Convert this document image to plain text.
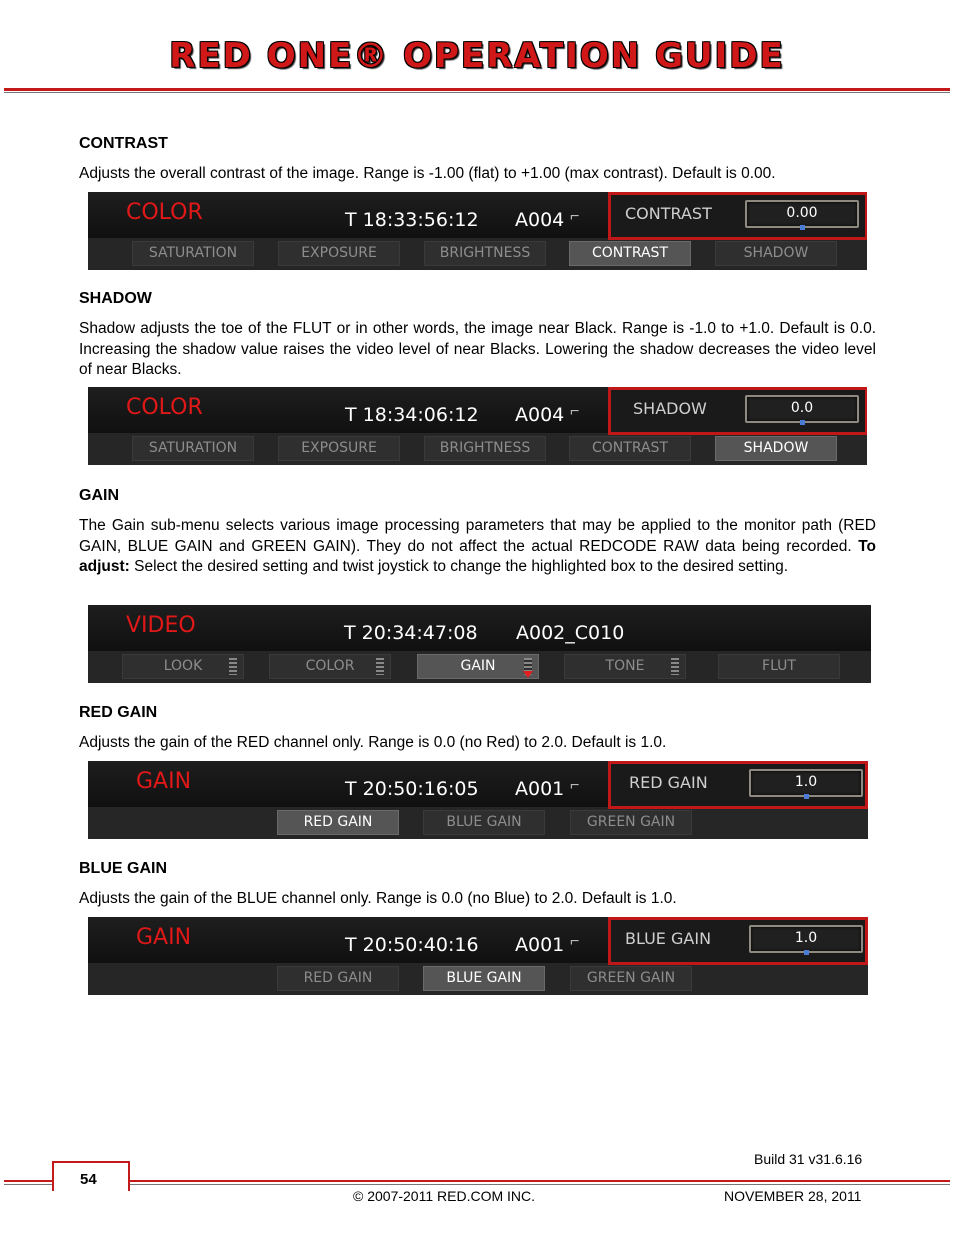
RED ONE® OPERATION GUIDE
CONTRAST

Adjusts the overall contrast of the image. Range is -1.00 (flat) to +1.00 (max contrast). Default is 0.00.

COLOR	T 18:33:56:12 A004 ⌐	CONTRAST	0.00
SATURATION	EXPOSURE	BRIGHTNESS	CONTRAST	SHADOW
SHADOW

Shadow adjusts the toe of the FLUT or in other words, the image near Black. Range is -1.0 to +1.0. Default is 0.0. Increasing the shadow value raises the video level of near Blacks. Lowering the shadow decreases the video level of near Blacks.

COLOR	T 18:34:06:12 A004 ⌐	SHADOW	0.0
SATURATION	EXPOSURE	BRIGHTNESS	CONTRAST	SHADOW
GAIN

The Gain sub-menu selects various image processing parameters that may be applied to the monitor path (RED GAIN, BLUE GAIN and GREEN GAIN). They do not affect the actual REDCODE RAW data being recorded. To adjust: Select the desired setting and twist joystick to change the highlighted box to the desired setting.

VIDEO	T 20:34:47:08 A002_C010
LOOK	COLOR	GAIN	TONE	FLUT
RED GAIN

Adjusts the gain of the RED channel only. Range is 0.0 (no Red) to 2.0. Default is 1.0.

GAIN	T 20:50:16:05 A001 ⌐	RED GAIN	1.0
RED GAIN	BLUE GAIN	GREEN GAIN
BLUE GAIN

Adjusts the gain of the BLUE channel only. Range is 0.0 (no Blue) to 2.0. Default is 1.0.

GAIN	T 20:50:40:16 A001 ⌐	BLUE GAIN	1.0
RED GAIN	BLUE GAIN	GREEN GAIN
Build 31 v31.6.16
54
© 2007-2011 RED.COM INC.	NOVEMBER 28, 2011
